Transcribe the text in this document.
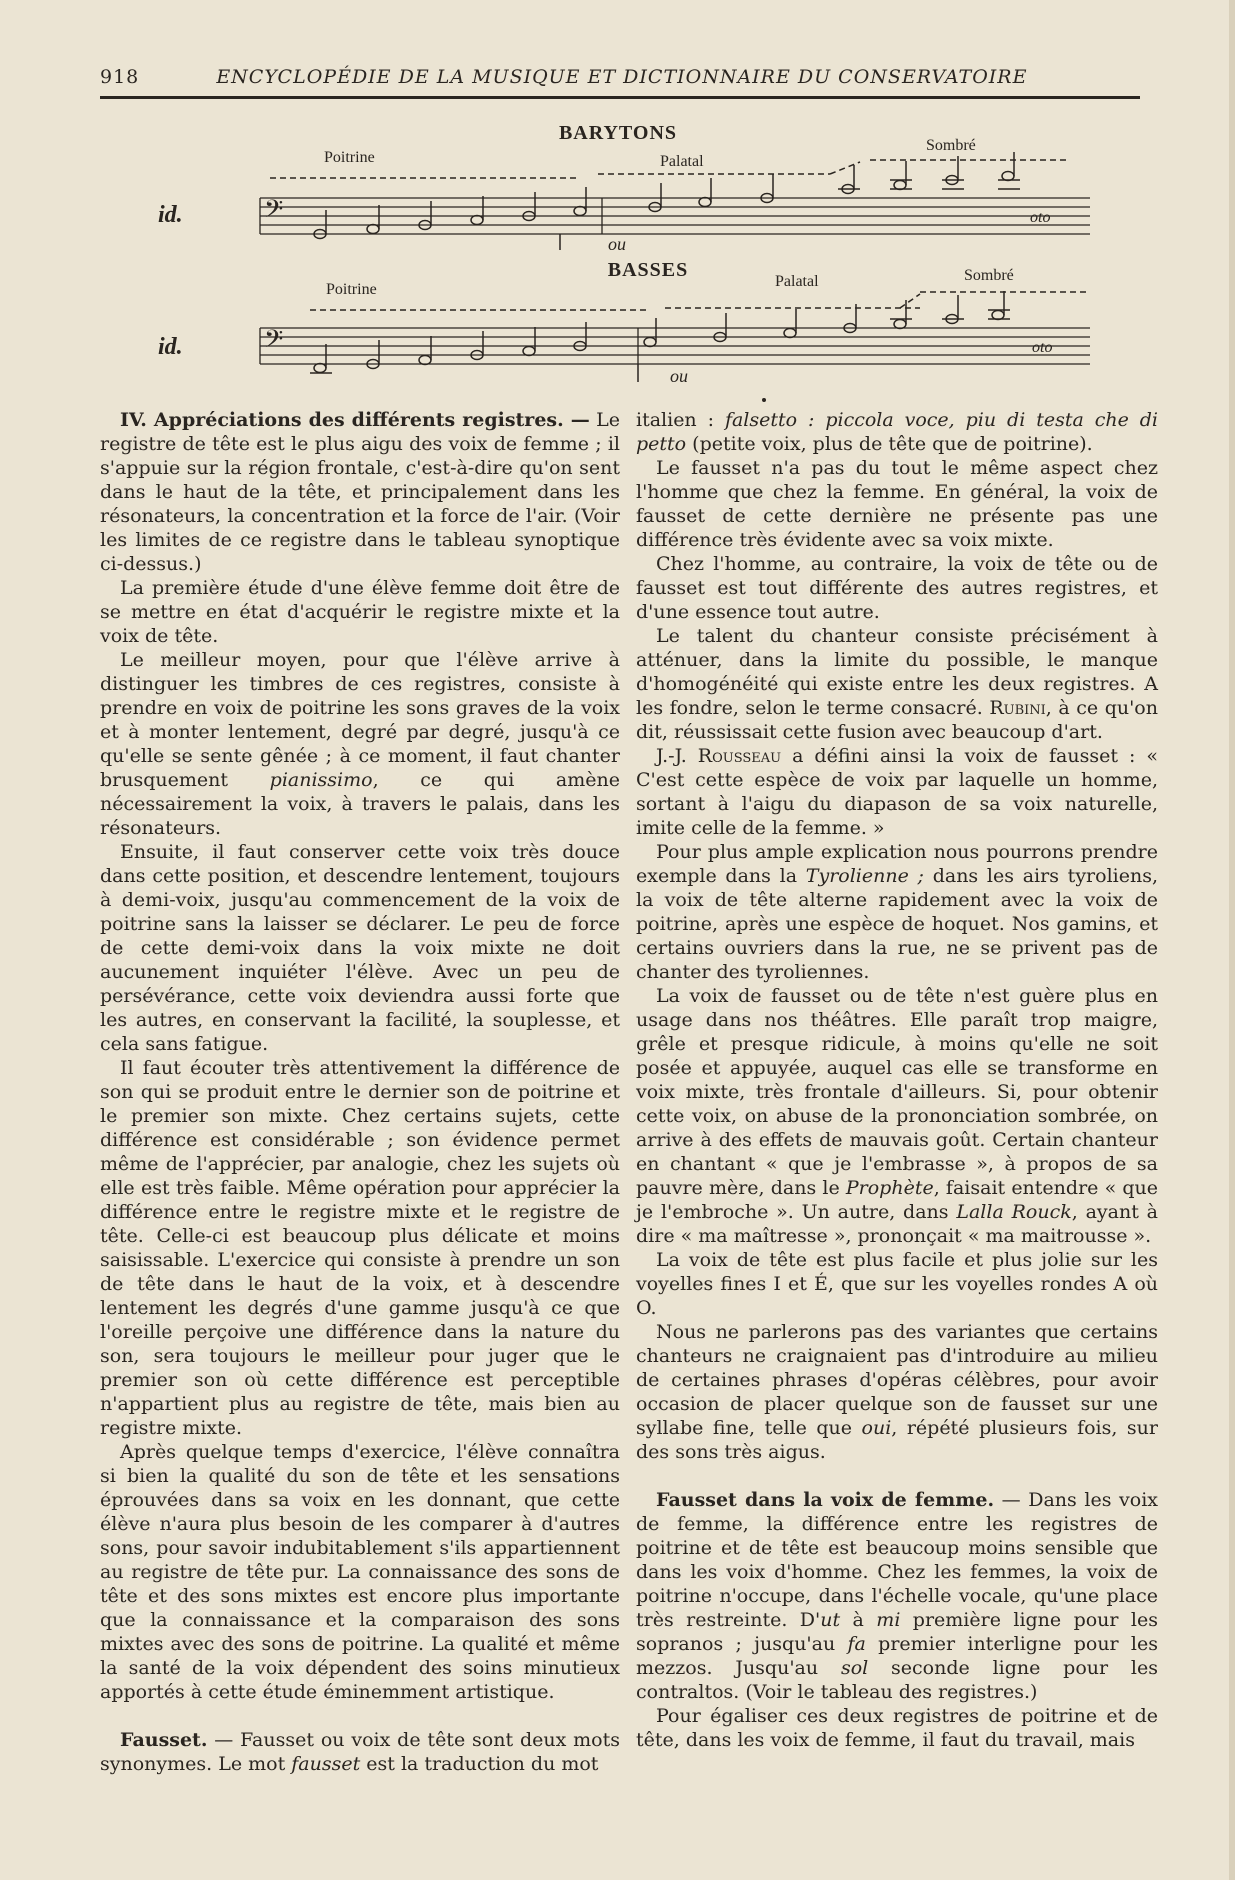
918	ENCYCLOPÉDIE DE LA MUSIQUE ET DICTIONNAIRE DU CONSERVATOIRE
BARYTONS
Poitrine	Palatal
Sombré
id.	𝄢
ou
oto
BASSES
Poitrine	Palatal	Sombré
id.	𝄢
ou
oto

IV. Appréciations des différents registres. — Le registre de tête est le plus aigu des voix de femme ; il s'appuie sur la région frontale, c'est-à-dire qu'on sent dans le haut de la tête, et principalement dans les résonateurs, la concentration et la force de l'air. (Voir les limites de ce registre dans le tableau synoptique ci-dessus.)

La première étude d'une élève femme doit être de se mettre en état d'acquérir le registre mixte et la voix de tête.

Le meilleur moyen, pour que l'élève arrive à distinguer les timbres de ces registres, consiste à prendre en voix de poitrine les sons graves de la voix et à monter lentement, degré par degré, jusqu'à ce qu'elle se sente gênée ; à ce moment, il faut chanter brusquement pianissimo, ce qui amène nécessairement la voix, à travers le palais, dans les résonateurs.

Ensuite, il faut conserver cette voix très douce dans cette position, et descendre lentement, toujours à demi-voix, jusqu'au commencement de la voix de poitrine sans la laisser se déclarer. Le peu de force de cette demi-voix dans la voix mixte ne doit aucunement inquiéter l'élève. Avec un peu de persévérance, cette voix deviendra aussi forte que les autres, en conservant la facilité, la souplesse, et cela sans fatigue.

Il faut écouter très attentivement la différence de son qui se produit entre le dernier son de poitrine et le premier son mixte. Chez certains sujets, cette différence est considérable ; son évidence permet même de l'apprécier, par analogie, chez les sujets où elle est très faible. Même opération pour apprécier la différence entre le registre mixte et le registre de tête. Celle-ci est beaucoup plus délicate et moins saisissable. L'exercice qui consiste à prendre un son de tête dans le haut de la voix, et à descendre lentement les degrés d'une gamme jusqu'à ce que l'oreille perçoive une différence dans la nature du son, sera toujours le meilleur pour juger que le premier son où cette différence est perceptible n'appartient plus au registre de tête, mais bien au registre mixte.

Après quelque temps d'exercice, l'élève connaîtra si bien la qualité du son de tête et les sensations éprouvées dans sa voix en les donnant, que cette élève n'aura plus besoin de les comparer à d'autres sons, pour savoir indubitablement s'ils appartiennent au registre de tête pur. La connaissance des sons de tête et des sons mixtes est encore plus importante que la connaissance et la comparaison des sons mixtes avec des sons de poitrine. La qualité et même la santé de la voix dépendent des soins minutieux apportés à cette étude éminemment artistique.

Fausset. — Fausset ou voix de tête sont deux mots synonymes. Le mot fausset est la traduction du mot

italien : falsetto : piccola voce, piu di testa che di petto (petite voix, plus de tête que de poitrine).

Le fausset n'a pas du tout le même aspect chez l'homme que chez la femme. En général, la voix de fausset de cette dernière ne présente pas une différence très évidente avec sa voix mixte.

Chez l'homme, au contraire, la voix de tête ou de fausset est tout différente des autres registres, et d'une essence tout autre.

Le talent du chanteur consiste précisément à atténuer, dans la limite du possible, le manque d'homogénéité qui existe entre les deux registres. A les fondre, selon le terme consacré. Rubini, à ce qu'on dit, réussissait cette fusion avec beaucoup d'art.

J.-J. Rousseau a défini ainsi la voix de fausset : « C'est cette espèce de voix par laquelle un homme, sortant à l'aigu du diapason de sa voix naturelle, imite celle de la femme. »

Pour plus ample explication nous pourrons prendre exemple dans la Tyrolienne ; dans les airs tyroliens, la voix de tête alterne rapidement avec la voix de poitrine, après une espèce de hoquet. Nos gamins, et certains ouvriers dans la rue, ne se privent pas de chanter des tyroliennes.

La voix de fausset ou de tête n'est guère plus en usage dans nos théâtres. Elle paraît trop maigre, grêle et presque ridicule, à moins qu'elle ne soit posée et appuyée, auquel cas elle se transforme en voix mixte, très frontale d'ailleurs. Si, pour obtenir cette voix, on abuse de la prononciation sombrée, on arrive à des effets de mauvais goût. Certain chanteur en chantant « que je l'embrasse », à propos de sa pauvre mère, dans le Prophète, faisait entendre « que je l'embroche ». Un autre, dans Lalla Rouck, ayant à dire « ma maîtresse », prononçait « ma maitrousse ».

La voix de tête est plus facile et plus jolie sur les voyelles fines I et É, que sur les voyelles rondes A où O.

Nous ne parlerons pas des variantes que certains chanteurs ne craignaient pas d'introduire au milieu de certaines phrases d'opéras célèbres, pour avoir occasion de placer quelque son de fausset sur une syllabe fine, telle que oui, répété plusieurs fois, sur des sons très aigus.

Fausset dans la voix de femme. — Dans les voix de femme, la différence entre les registres de poitrine et de tête est beaucoup moins sensible que dans les voix d'homme. Chez les femmes, la voix de poitrine n'occupe, dans l'échelle vocale, qu'une place très restreinte. D'ut à mi première ligne pour les sopranos ; jusqu'au fa premier interligne pour les mezzos. Jusqu'au sol seconde ligne pour les contraltos. (Voir le tableau des registres.)

Pour égaliser ces deux registres de poitrine et de tête, dans les voix de femme, il faut du travail, mais
